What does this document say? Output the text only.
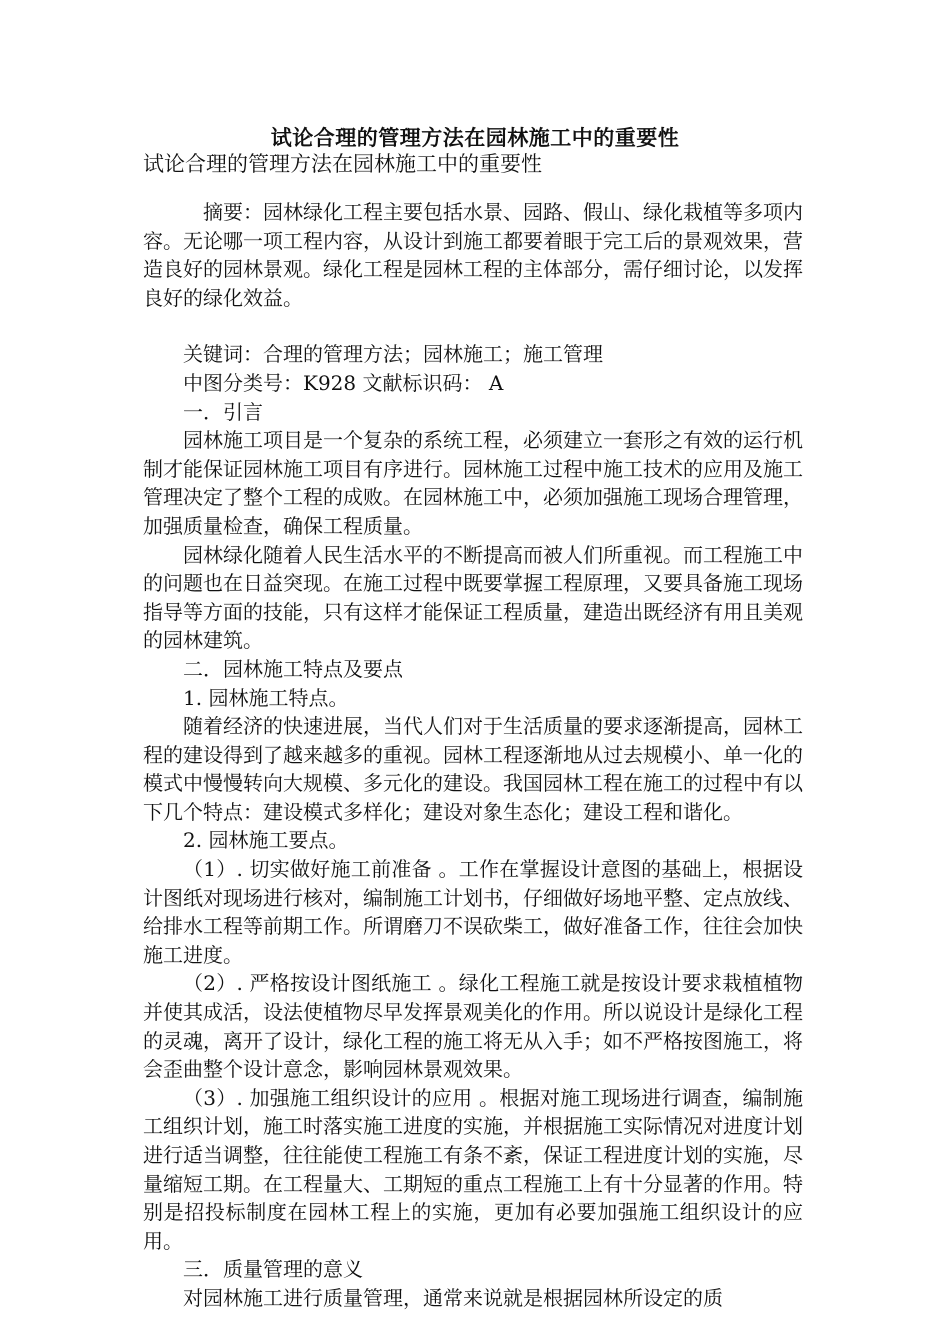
试论合理的管理方法在园林施工中的重要性
试论合理的管理方法在园林施工中的重要性

摘要：园林绿化工程主要包括水景、园路、假山、绿化栽植等多项内容。无论哪一项工程内容，从设计到施工都要着眼于完工后的景观效果，营造良好的园林景观。绿化工程是园林工程的主体部分，需仔细讨论，以发挥良好的绿化效益。

关键词：合理的管理方法；园林施工；施工管理

中图分类号：K928 文献标识码： A

一．引言

园林施工项目是一个复杂的系统工程，必须建立一套形之有效的运行机制才能保证园林施工项目有序进行。园林施工过程中施工技术的应用及施工管理决定了整个工程的成败。在园林施工中，必须加强施工现场合理管理，加强质量检查，确保工程质量。

园林绿化随着人民生活水平的不断提高而被人们所重视。而工程施工中的问题也在日益突现。在施工过程中既要掌握工程原理，又要具备施工现场指导等方面的技能，只有这样才能保证工程质量，建造出既经济有用且美观的园林建筑。

二．园林施工特点及要点

1. 园林施工特点。

随着经济的快速进展，当代人们对于生活质量的要求逐渐提高，园林工程的建设得到了越来越多的重视。园林工程逐渐地从过去规模小、单一化的模式中慢慢转向大规模、多元化的建设。我国园林工程在施工的过程中有以下几个特点：建设模式多样化；建设对象生态化；建设工程和谐化。

2. 园林施工要点。

（1）. 切实做好施工前准备 。工作在掌握设计意图的基础上，根据设计图纸对现场进行核对，编制施工计划书，仔细做好场地平整、定点放线、给排水工程等前期工作。所谓磨刀不误砍柴工，做好准备工作，往往会加快施工进度。

（2）. 严格按设计图纸施工 。绿化工程施工就是按设计要求栽植植物并使其成活，设法使植物尽早发挥景观美化的作用。所以说设计是绿化工程的灵魂，离开了设计，绿化工程的施工将无从入手；如不严格按图施工，将会歪曲整个设计意念，影响园林景观效果。

（3）. 加强施工组织设计的应用 。根据对施工现场进行调查，编制施工组织计划，施工时落实施工进度的实施，并根据施工实际情况对进度计划进行适当调整，往往能使工程施工有条不紊，保证工程进度计划的实施，尽量缩短工期。在工程量大、工期短的重点工程施工上有十分显著的作用。特别是招投标制度在园林工程上的实施，更加有必要加强施工组织设计的应用。

三．质量管理的意义

对园林施工进行质量管理，通常来说就是根据园林所设定的质
